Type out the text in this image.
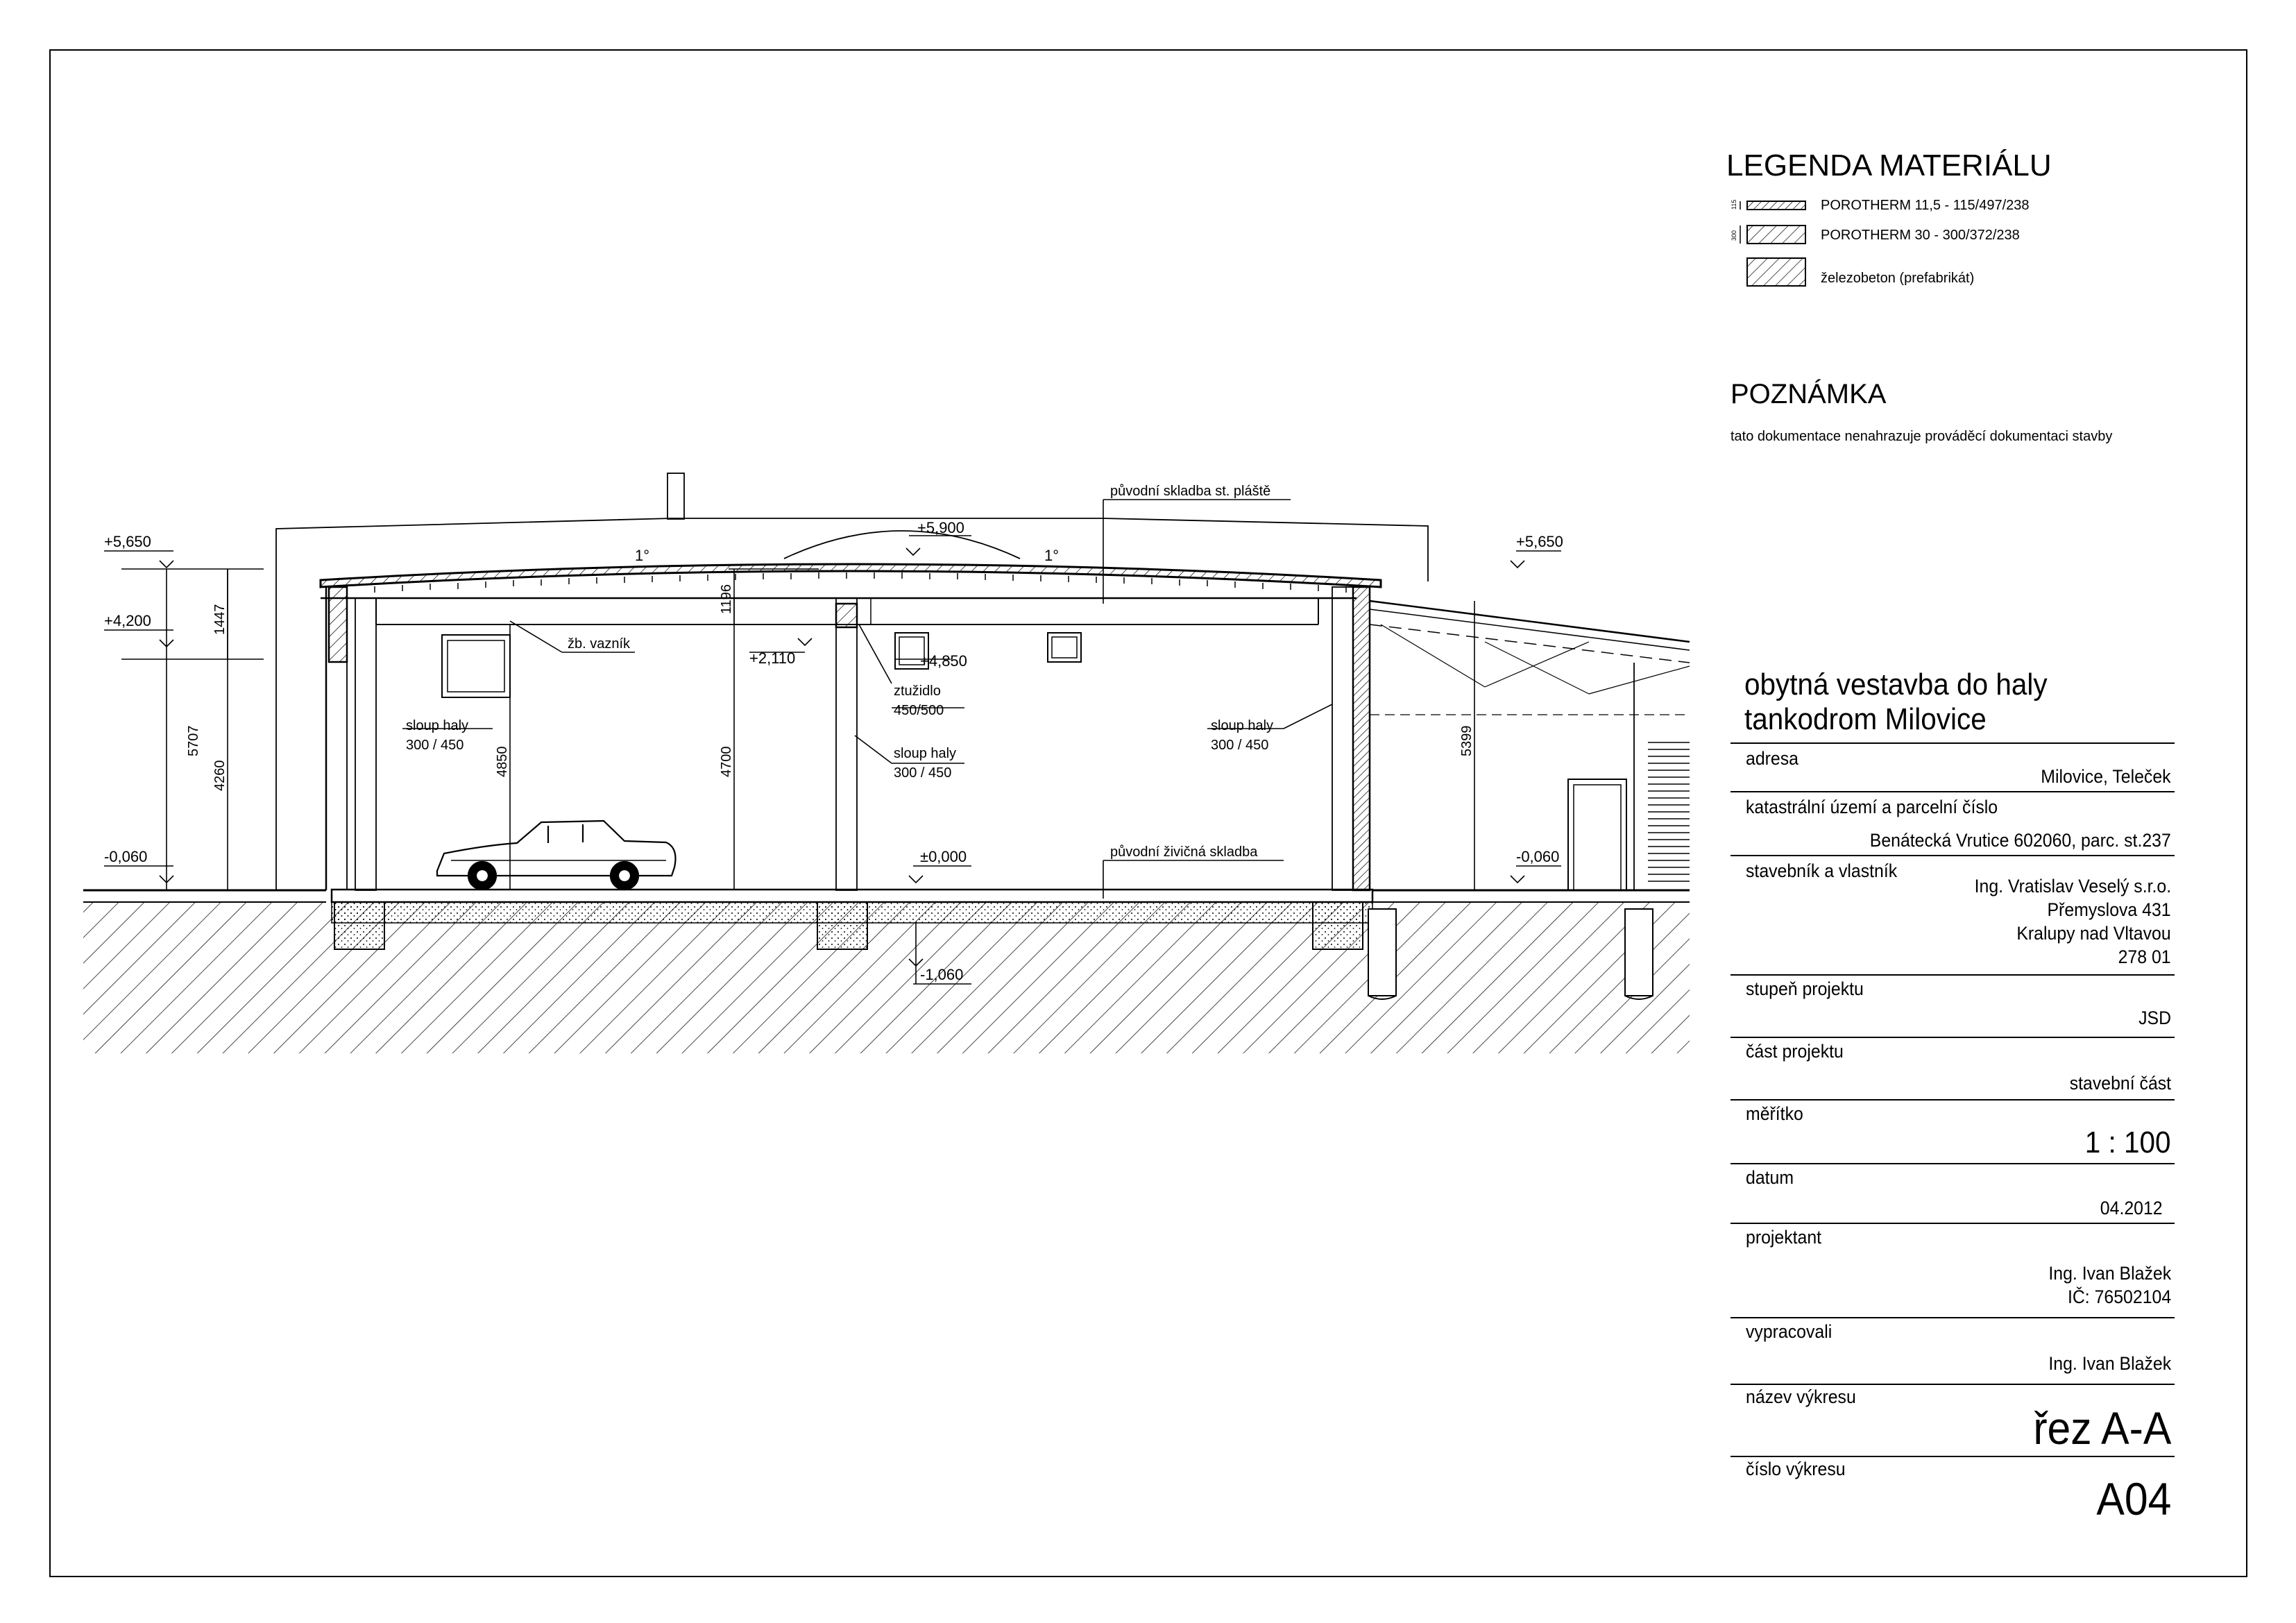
+5,650
+4,200
-0,060
+5,900
+5,650
-0,060
±0,000
-1,060
+2,110	+4,850
1°	1°
původní skladba st. pláště
žb. vazník
sloup haly
300 / 450
ztužidlo
450/500
sloup haly
300 / 450
sloup haly
300 / 450
původní živičná skladba
5707
1447
4260	4850	4700
1196
5399
115
300
LEGENDA MATERIÁLU
POROTHERM 11,5 - 115/497/238
POROTHERM 30 - 300/372/238
železobeton (prefabrikát)
POZNÁMKA
tato dokumentace nenahrazuje prováděcí dokumentaci stavby
obytná vestavba do haly
tankodrom Milovice
adresa
Milovice, Teleček
katastrální území a parcelní číslo
Benátecká Vrutice 602060, parc. st.237
stavebník a vlastník
Ing. Vratislav Veselý s.r.o.
Přemyslova 431
Kralupy nad Vltavou
278 01
stupeň projektu
JSD
část projektu
stavební část
měřítko
1 : 100
datum
04.2012
projektant
Ing. Ivan Blažek
IČ: 76502104
vypracovali
Ing. Ivan Blažek
název výkresu
řez A-A
číslo výkresu
A04
